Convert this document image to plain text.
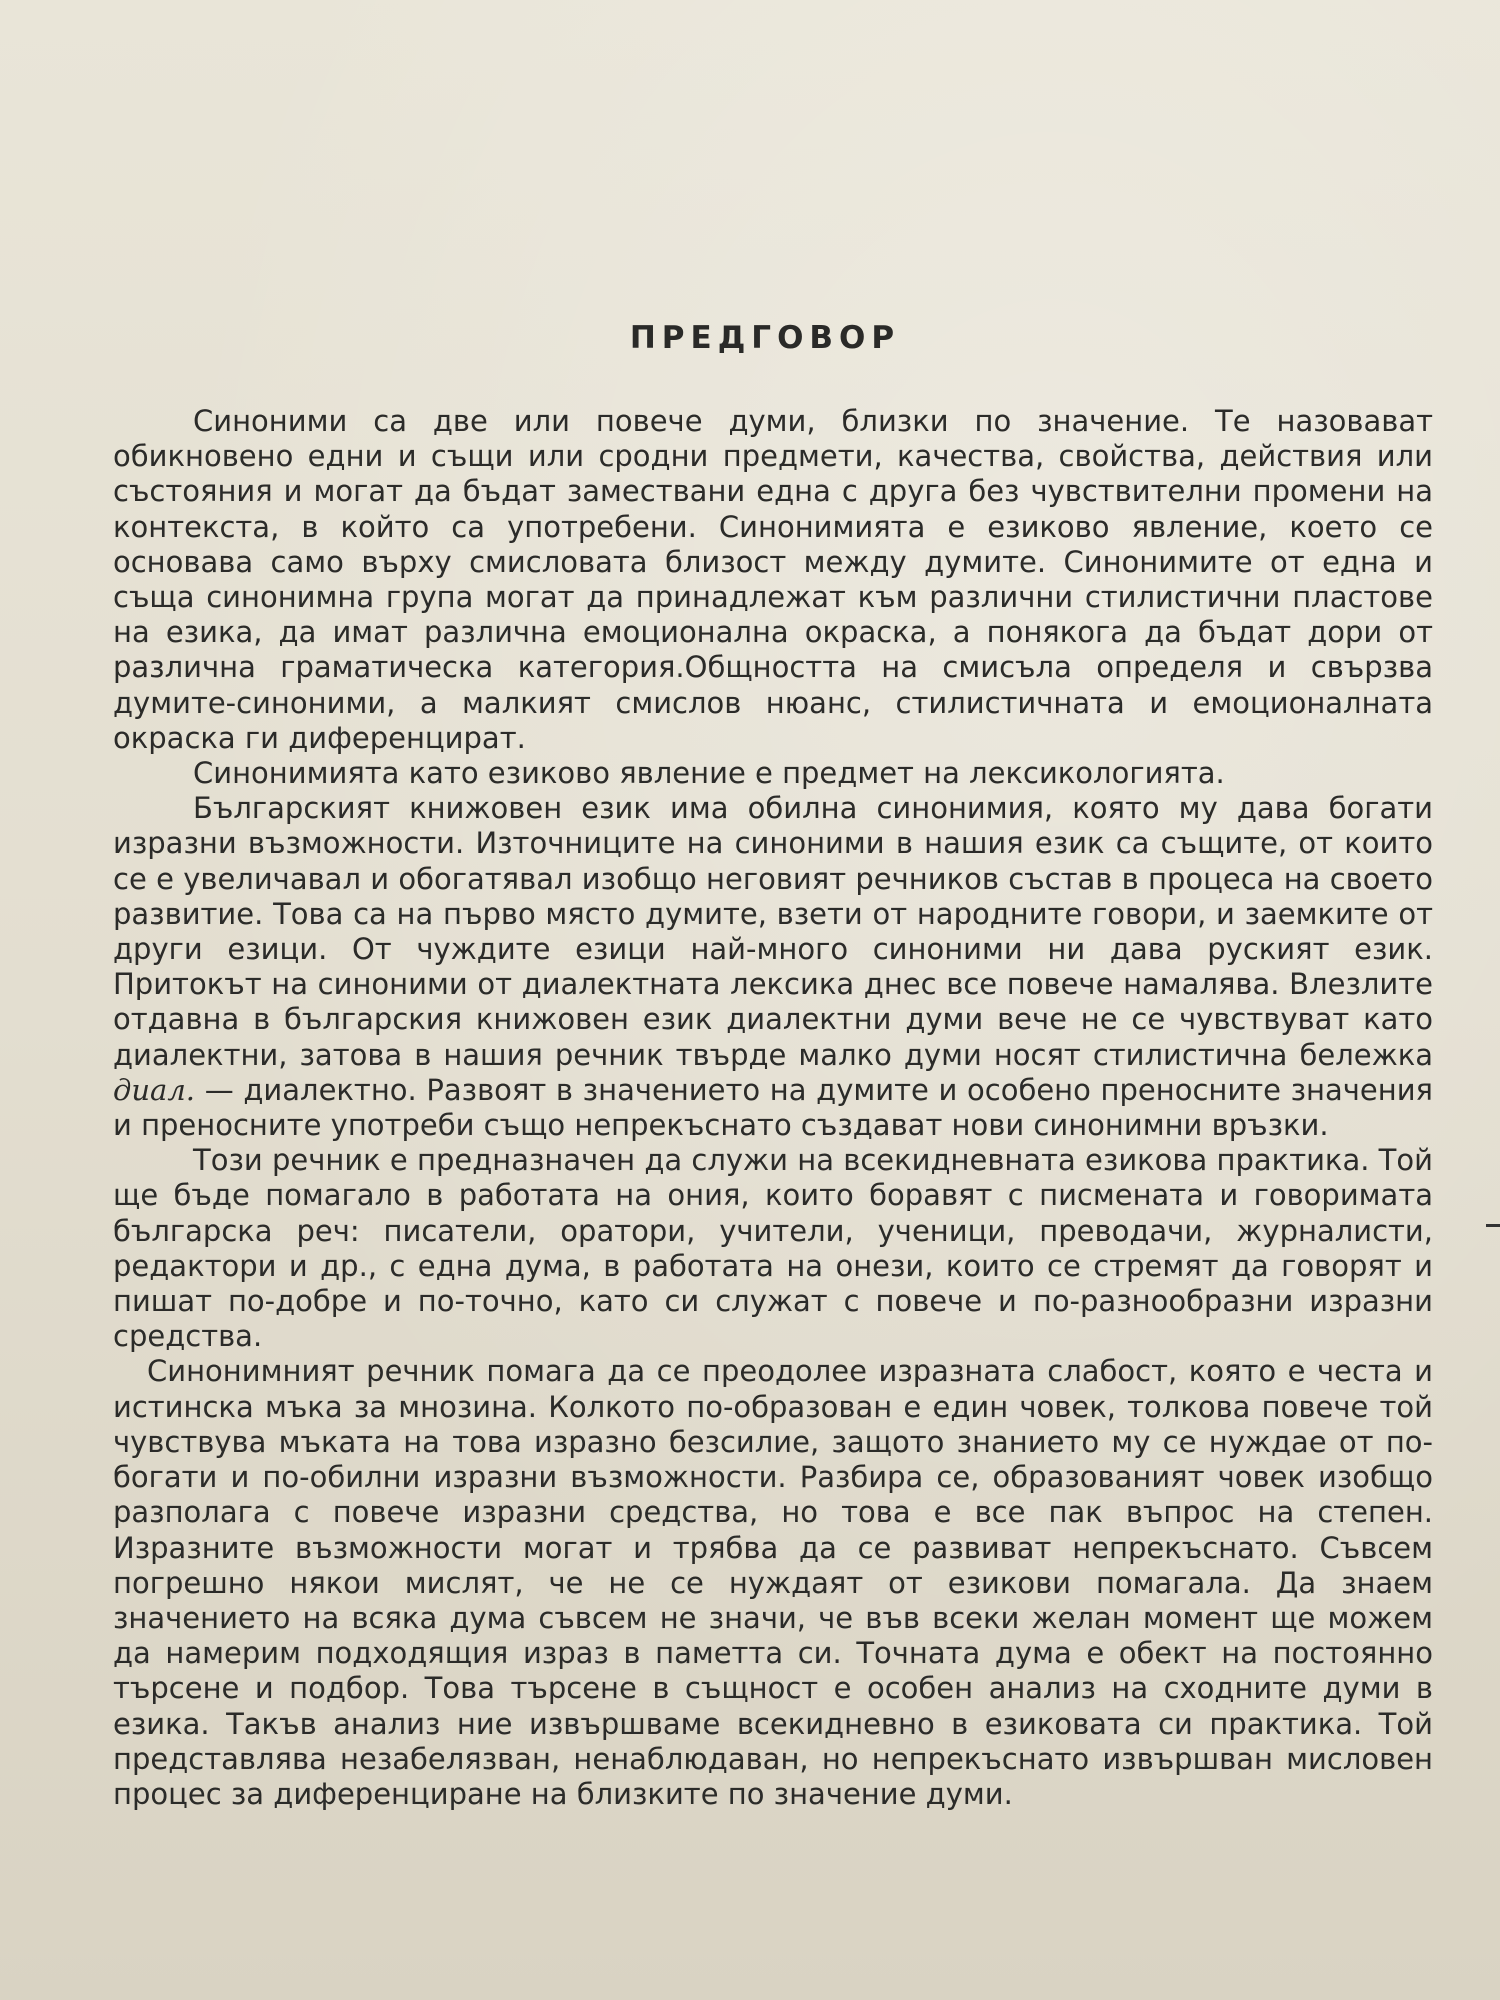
ПРЕДГОВОР

Синоними са две или повече думи, близки по значение. Те назовават обикновено едни и същи или сродни предмети, качества, свойства, действия или състояния и могат да бъдат замествани една с друга без чувствителни промени на контекста, в който са употребени. Синонимията е езиково явление, което се основава само върху смисловата близост между думите. Синонимите от една и съща синонимна група могат да принадлежат към различни стилистични пластове на езика, да имат различна емоционална окраска, а понякога да бъдат дори от различна граматическа категория.Общността на смисъла определя и свързва думите-синоними, а малкият смислов нюанс, стилистичната и емоционалната окраска ги диференцират.

Синонимията като езиково явление е предмет на лексикологията.

Българският книжовен език има обилна синонимия, която му дава богати изразни възможности. Източниците на синоними в нашия език са същите, от които се е увеличавал и обогатявал изобщо неговият речников състав в процеса на своето развитие. Това са на първо място думите, взети от народните говори, и заемките от други езици. От чуждите езици най-много синоними ни дава руският език. Притокът на синоними от диалектната лексика днес все повече намалява. Влезлите отдавна в българския книжовен език диалектни думи вече не се чувствуват като диалектни, затова в нашия речник твърде малко думи носят стилистична бележка диал. — диалектно. Развоят в значението на думите и особено преносните значения и преносните употреби също непрекъснато създават нови синонимни връзки.

Този речник е предназначен да служи на всекидневната езикова практика. Той ще бъде помагало в работата на ония, които боравят с писмената и говоримата българска реч: писатели, оратори, учители, ученици, преводачи, журналисти, редактори и др., с една дума, в работата на онези, които се стремят да говорят и пишат по-добре и по-точно, като си служат с повече и по-разнообразни изразни средства.

Синонимният речник помага да се преодолее изразната слабост, която е честа и истинска мъка за мнозина. Колкото по-образован е един човек, толкова повече той чувствува мъката на това изразно безсилие, защото знанието му се нуждае от по-богати и по-обилни изразни възможности. Разбира се, образованият човек изобщо разполага с повече изразни средства, но това е все пак въпрос на степен. Изразните възможности могат и трябва да се развиват непрекъснато. Съвсем погрешно някои мислят, че не се нуждаят от езикови помагала. Да знаем значението на всяка дума съвсем не значи, че във всеки желан момент ще можем да намерим подходящия израз в паметта си. Точната дума е обект на постоянно търсене и подбор. Това търсене в същност е особен анализ на сходните думи в езика. Такъв анализ ние извършваме всекидневно в езиковата си практика. Той представлява незабелязван, ненаблюдаван, но непрекъснато извършван мисловен процес за диференциране на близките по значение думи.
